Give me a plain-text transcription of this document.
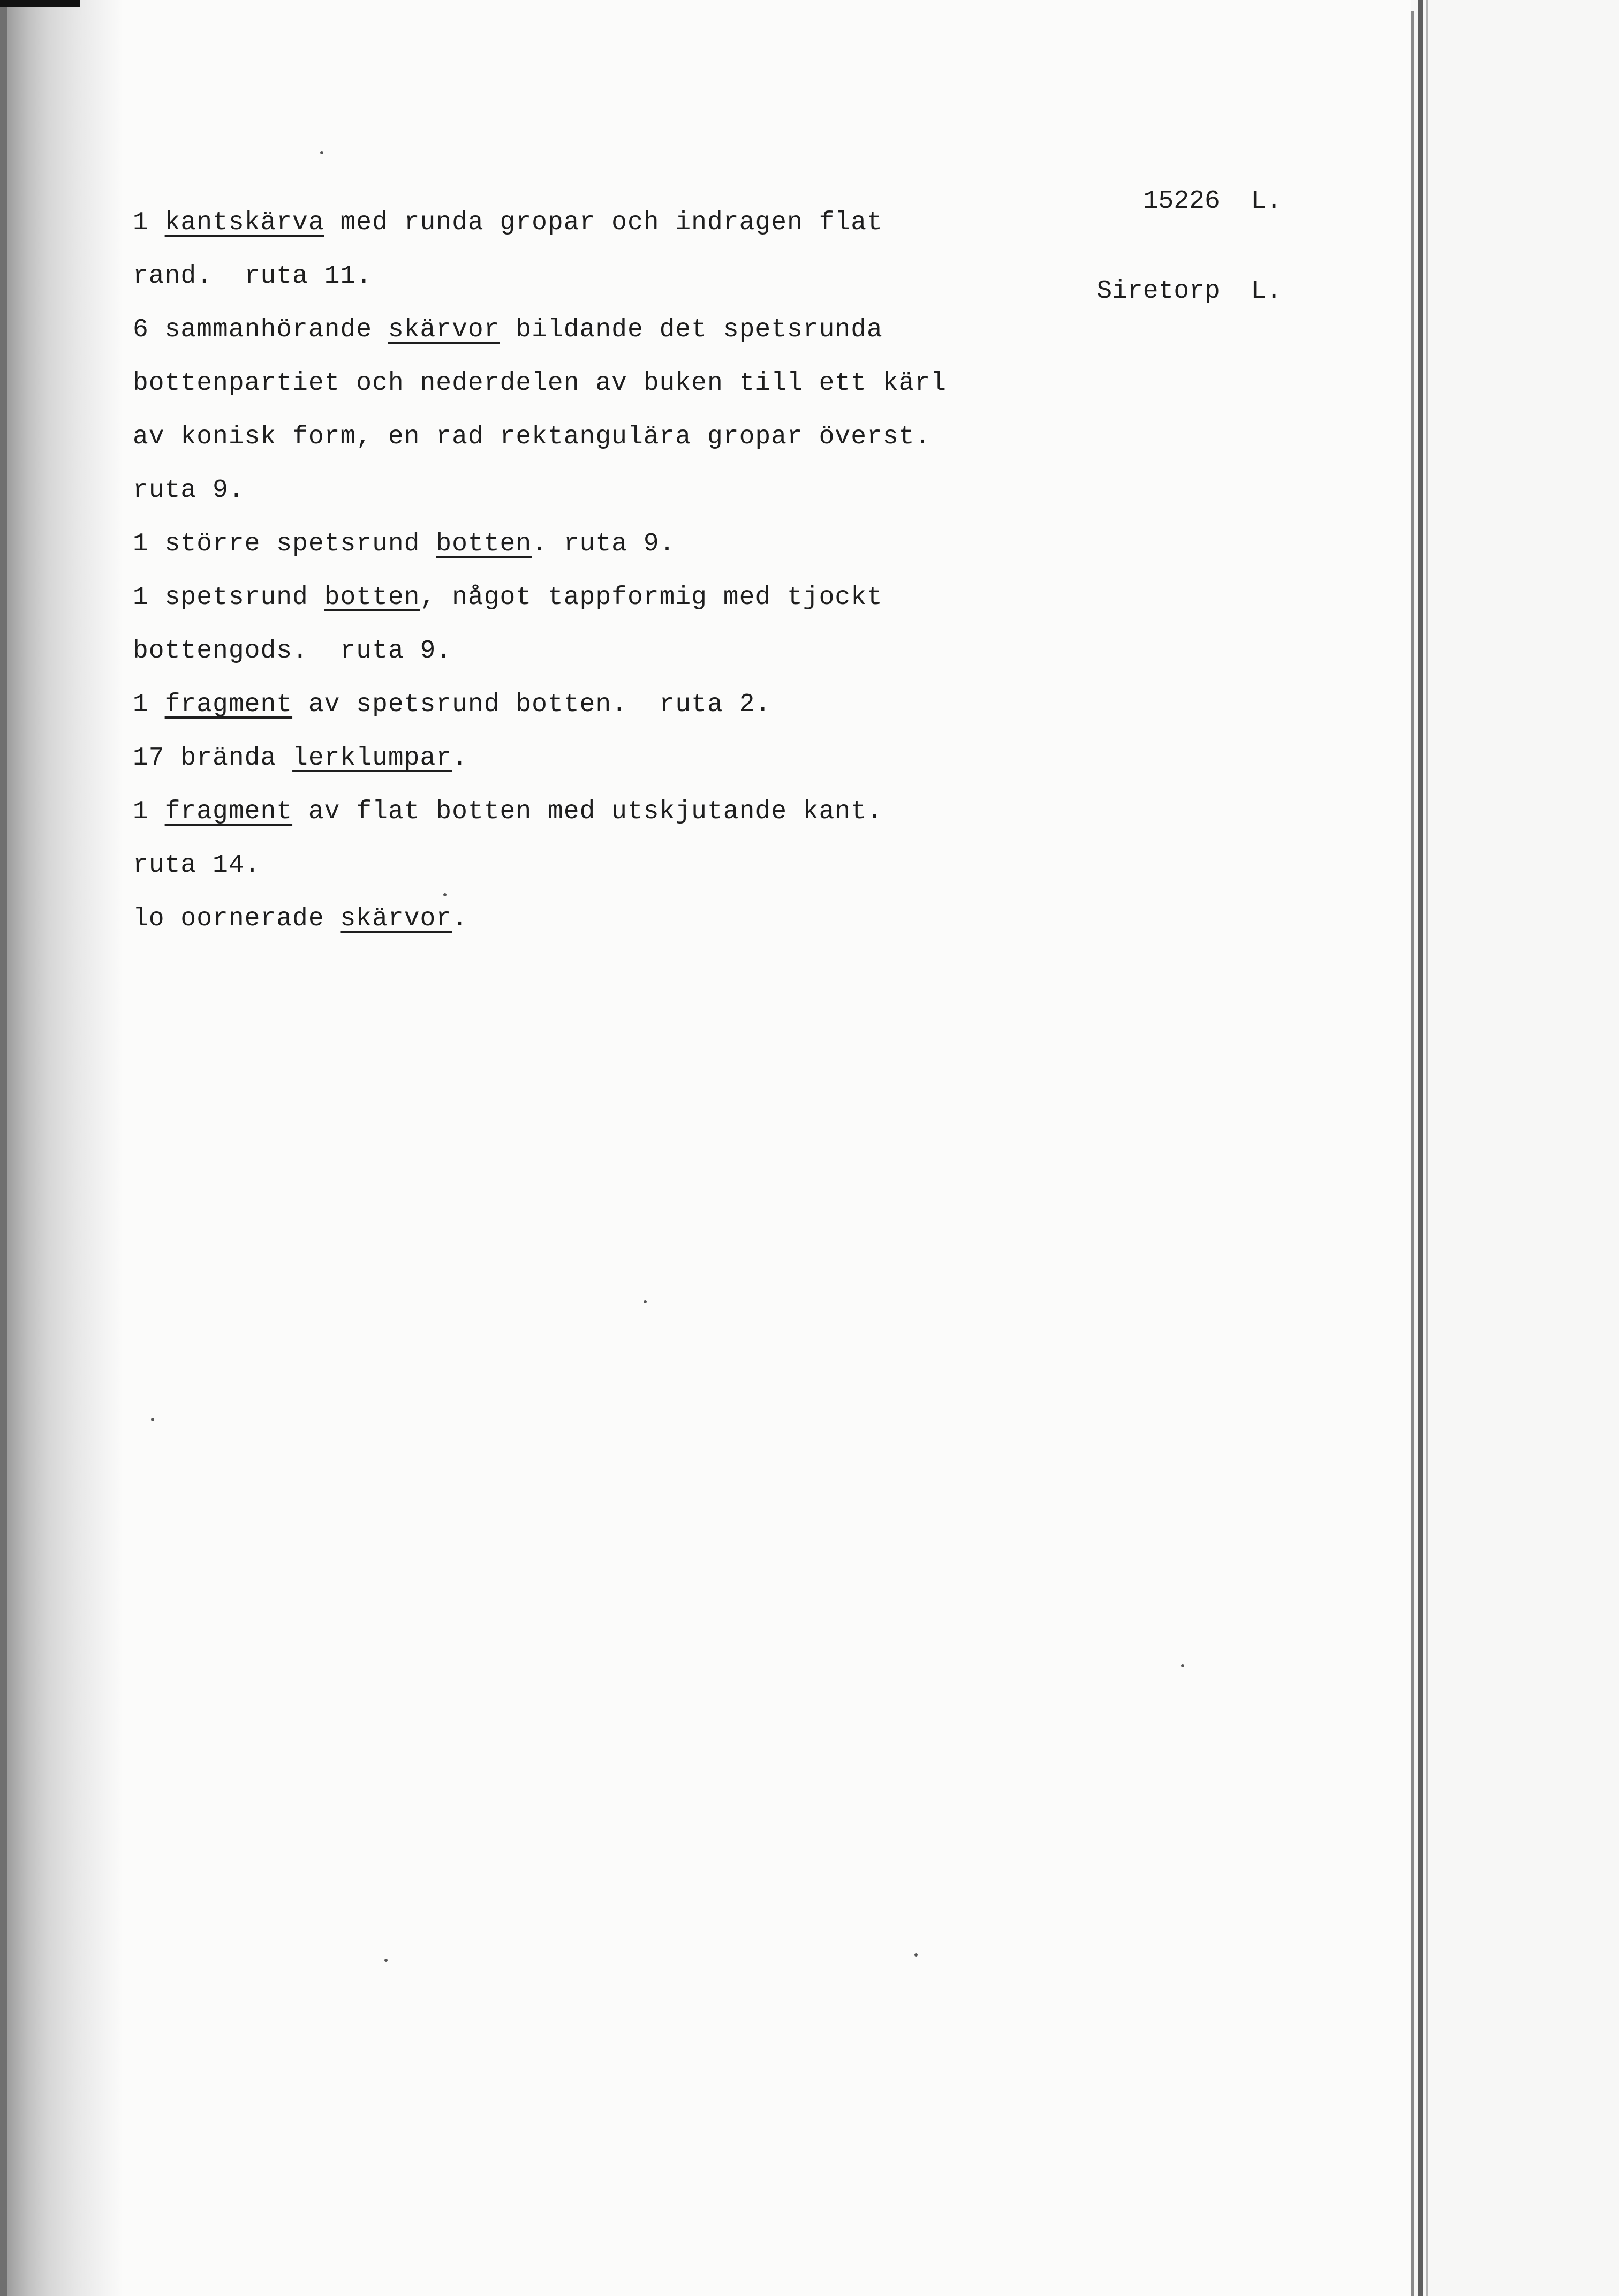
15226  L.

Siretorp  L.

1 kantskärva med runda gropar och indragen flat
rand.  ruta 11.
6 sammanhörande skärvor bildande det spetsrunda
bottenpartiet och nederdelen av buken till ett kärl
av konisk form, en rad rektangulära gropar överst.
ruta 9.
1 större spetsrund botten. ruta 9.
1 spetsrund botten, något tappformig med tjockt
bottengods.  ruta 9.
1 fragment av spetsrund botten.  ruta 2.
17 brända lerklumpar.
1 fragment av flat botten med utskjutande kant.
ruta 14.
lo oornerade skärvor.
